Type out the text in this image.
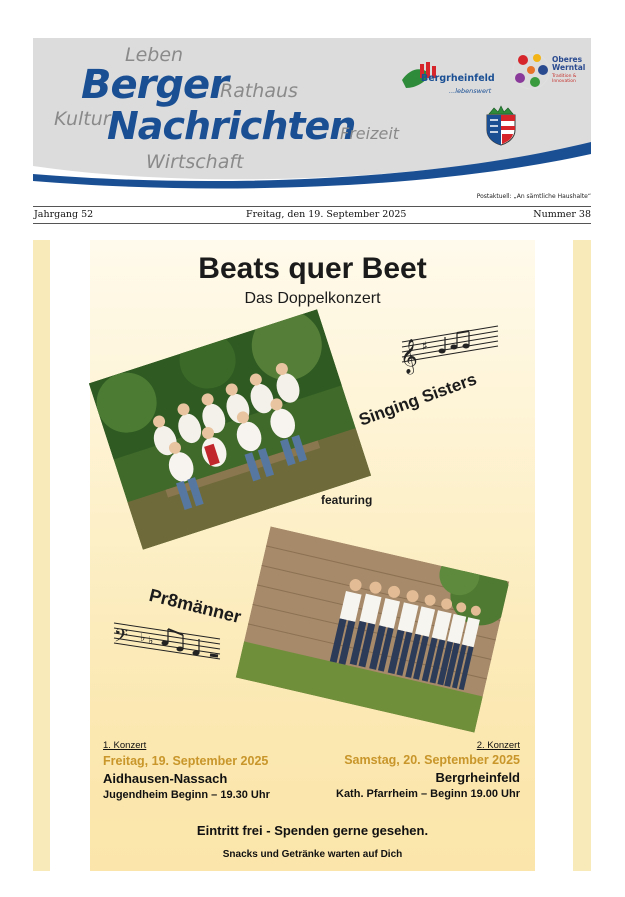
Leben
Berger
Rathaus
Kultur
Nachrichten
Freizeit
Wirtschaft
Bergrheinfeld
...lebenswert
Oberes
Werntal
Tradition &
Innovation
Postaktuell: „An sämtliche Haushalte“
Jahrgang 52	Freitag, den 19. September 2025	Nummer 38
Beats quer Beet
Das Doppelkonzert
Singing Sisters
𝄞 ♯
featuring
Pr8männer
𝄢 ♭ ♭
1. Konzert
Freitag, 19. September 2025
Aidhausen-Nassach
Jugendheim Beginn – 19.30 Uhr
2. Konzert
Samstag, 20. September 2025
Bergrheinfeld
Kath. Pfarrheim – Beginn 19.00 Uhr
Eintritt frei - Spenden gerne gesehen.
Snacks und Getränke warten auf Dich
